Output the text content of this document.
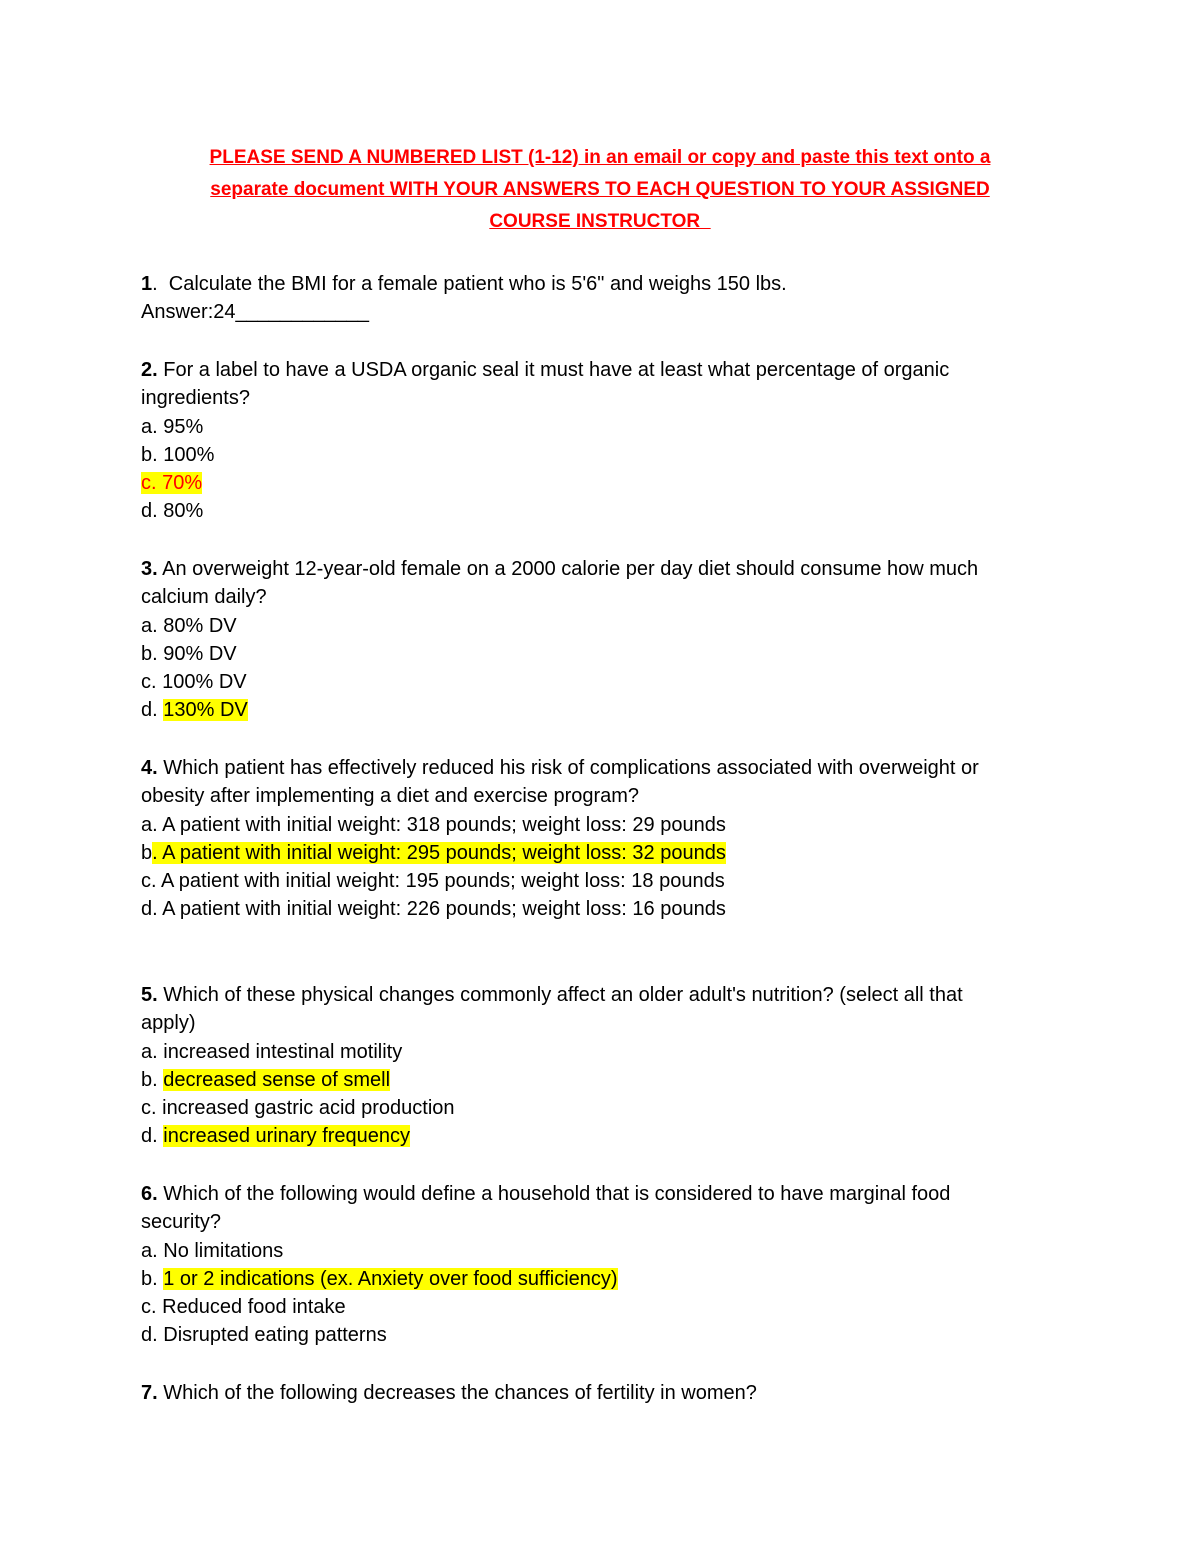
PLEASE SEND A NUMBERED LIST (1-12) in an email or copy and paste this text onto a
separate document WITH YOUR ANSWERS TO EACH QUESTION TO YOUR ASSIGNED
COURSE INSTRUCTOR
1.  Calculate the BMI for a female patient who is 5'6" and weighs 150 lbs.
Answer:24____________
2. For a label to have a USDA organic seal it must have at least what percentage of organic
ingredients?
a. 95%
b. 100%
c. 70%
d. 80%
3. An overweight 12-year-old female on a 2000 calorie per day diet should consume how much
calcium daily?
a. 80% DV
b. 90% DV
c. 100% DV
d. 130% DV
4. Which patient has effectively reduced his risk of complications associated with overweight or
obesity after implementing a diet and exercise program?
a. A patient with initial weight: 318 pounds; weight loss: 29 pounds
b. A patient with initial weight: 295 pounds; weight loss: 32 pounds
c. A patient with initial weight: 195 pounds; weight loss: 18 pounds
d. A patient with initial weight: 226 pounds; weight loss: 16 pounds
5. Which of these physical changes commonly affect an older adult's nutrition? (select all that
apply)
a. increased intestinal motility
b. decreased sense of smell
c. increased gastric acid production
d. increased urinary frequency
6. Which of the following would define a household that is considered to have marginal food
security?
a. No limitations
b. 1 or 2 indications (ex. Anxiety over food sufficiency)
c. Reduced food intake
d. Disrupted eating patterns
7. Which of the following decreases the chances of fertility in women?
